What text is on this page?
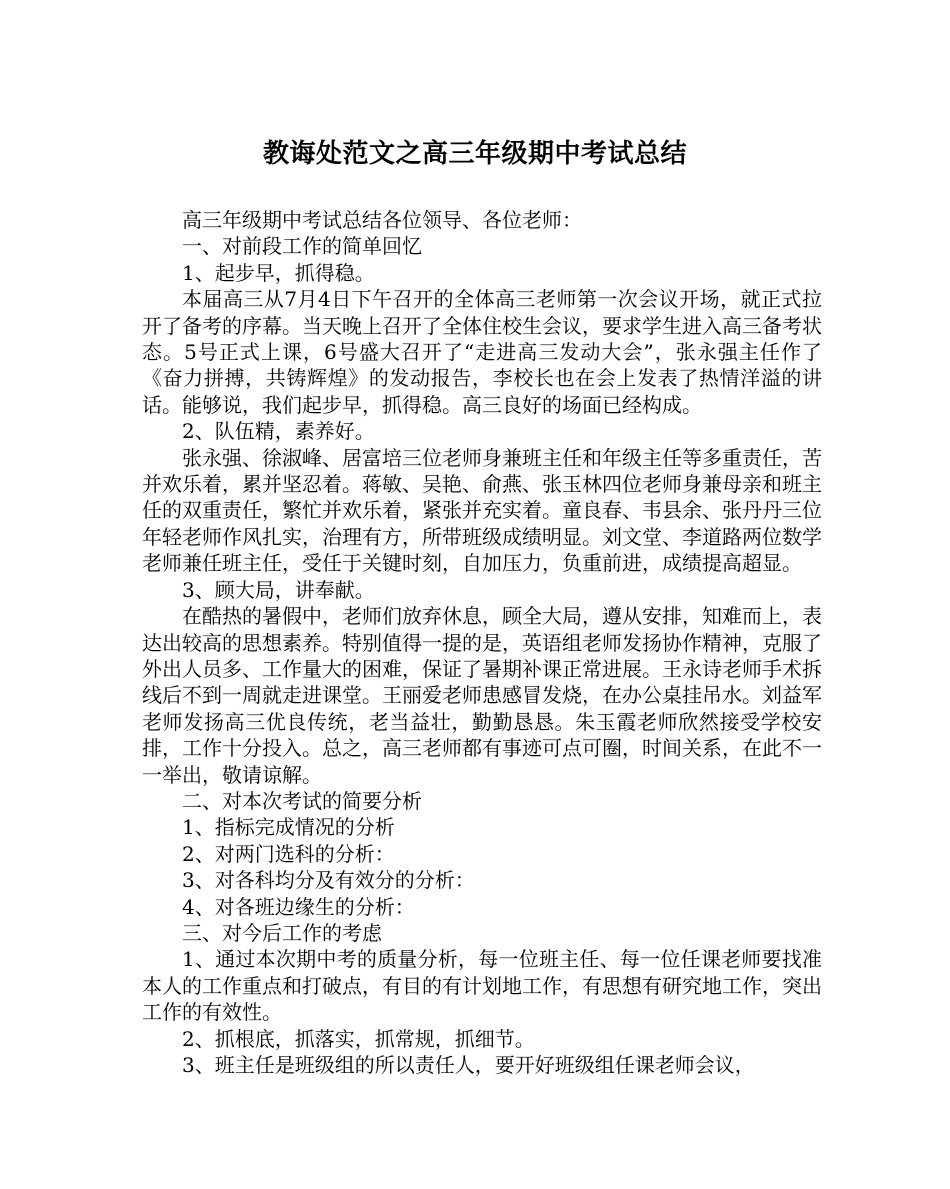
教诲处范文之高三年级期中考试总结

高三年级期中考试总结各位领导、各位老师：

一、对前段工作的简单回忆

1、起步早，抓得稳。

本届高三从7月4日下午召开的全体高三老师第一次会议开场，就正式拉开了备考的序幕。当天晚上召开了全体住校生会议，要求学生进入高三备考状态。5号正式上课，6号盛大召开了“走进高三发动大会”，张永强主任作了《奋力拼搏，共铸辉煌》的发动报告，李校长也在会上发表了热情洋溢的讲话。能够说，我们起步早，抓得稳。高三良好的场面已经构成。

2、队伍精，素养好。

张永强、徐淑峰、居富培三位老师身兼班主任和年级主任等多重责任，苦并欢乐着，累并坚忍着。蒋敏、吴艳、俞燕、张玉林四位老师身兼母亲和班主任的双重责任，繁忙并欢乐着，紧张并充实着。童良春、韦县余、张丹丹三位年轻老师作风扎实，治理有方，所带班级成绩明显。刘文堂、李道路两位数学老师兼任班主任，受任于关键时刻，自加压力，负重前进，成绩提高超显。

3、顾大局，讲奉献。

在酷热的暑假中，老师们放弃休息，顾全大局，遵从安排，知难而上，表达出较高的思想素养。特别值得一提的是，英语组老师发扬协作精神，克服了外出人员多、工作量大的困难，保证了暑期补课正常进展。王永诗老师手术拆线后不到一周就走进课堂。王丽爱老师患感冒发烧，在办公桌挂吊水。刘益军老师发扬高三优良传统，老当益壮，勤勤恳恳。朱玉霞老师欣然接受学校安排，工作十分投入。总之，高三老师都有事迹可点可圈，时间关系，在此不一一举出，敬请谅解。

二、对本次考试的简要分析

1、指标完成情况的分析

2、对两门选科的分析：

3、对各科均分及有效分的分析：

4、对各班边缘生的分析：

三、对今后工作的考虑

1、通过本次期中考的质量分析，每一位班主任、每一位任课老师要找准本人的工作重点和打破点，有目的有计划地工作，有思想有研究地工作，突出工作的有效性。

2、抓根底，抓落实，抓常规，抓细节。

3、班主任是班级组的所以责任人，要开好班级组任课老师会议，
